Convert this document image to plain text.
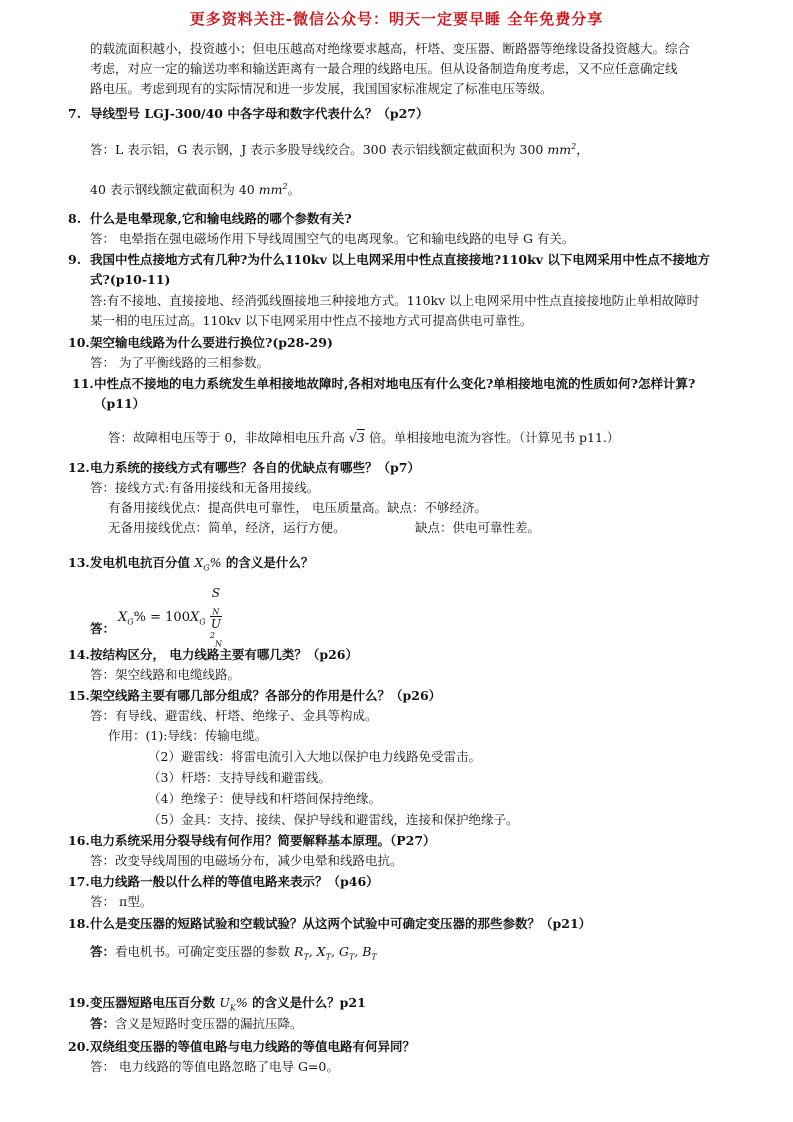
更多资料关注-微信公众号：明天一定要早睡 全年免费分享
的载流面积越小，投资越小；但电压越高对绝缘要求越高，杆塔、变压器、断路器等绝缘设备投资越大。综合
考虑，对应一定的输送功率和输送距离有一最合理的线路电压。但从设备制造角度考虑，又不应任意确定线
路电压。考虑到现有的实际情况和进一步发展，我国国家标准规定了标准电压等级。
7. 导线型号 LGJ-300/40 中各字母和数字代表什么？（p27）
答：L 表示铝，G 表示钢，J 表示多股导线绞合。300 表示铝线额定截面积为 300 $mm^2$，
40 表示钢线额定截面积为 40 $mm^2$。
8. 什么是电晕现象,它和输电线路的哪个参数有关?
答： 电晕指在强电磁场作用下导线周围空气的电离现象。它和输电线路的电导 G 有关。
9. 我国中性点接地方式有几种?为什么110kv 以上电网采用中性点直接接地?110kv 以下电网采用中性点不接地方
式?(p10-11)
答:有不接地、直接接地、经消弧线圈接地三种接地方式。110kv 以上电网采用中性点直接接地防止单相故障时
某一相的电压过高。110kv 以下电网采用中性点不接地方式可提高供电可靠性。
10.架空输电线路为什么要进行换位?(p28-29)
答： 为了平衡线路的三相参数。
11.中性点不接地的电力系统发生单相接地故障时,各相对地电压有什么变化?单相接地电流的性质如何?怎样计算?
（p11）
答：故障相电压等于 0，非故障相电压升高 √3 倍。单相接地电流为容性。（计算见书 p11.）
12.电力系统的接线方式有哪些？各自的优缺点有哪些？（p7）
答：接线方式:有备用接线和无备用接线。
有备用接线优点：提高供电可靠性， 电压质量高。缺点：不够经济。
无备用接线优点：简单，经济，运行方便。	缺点：供电可靠性差。
13.发电机电抗百分值 $X_G\%$ 的含义是什么？
$X_G\% = 100X_G$ S
$_N$
U
$^2_N$
答：
14.按结构区分， 电力线路主要有哪几类？（p26）
答：架空线路和电缆线路。
15.架空线路主要有哪几部分组成？各部分的作用是什么？（p26）
答：有导线、避雷线、杆塔、绝缘子、金具等构成。
作用：(1):导线：传输电缆。
（2）避雷线：将雷电流引入大地以保护电力线路免受雷击。
（3）杆塔：支持导线和避雷线。
（4）绝缘子：使导线和杆塔间保持绝缘。
（5）金具：支持、接续、保护导线和避雷线，连接和保护绝缘子。
16.电力系统采用分裂导线有何作用？简要解释基本原理。（P27）
答：改变导线周围的电磁场分布，减少电晕和线路电抗。
17.电力线路一般以什么样的等值电路来表示？（p46）
答： π型。
18.什么是变压器的短路试验和空载试验？从这两个试验中可确定变压器的那些参数？（p21）
答：看电机书。可确定变压器的参数 $R_T$, $X_T$, $G_T$, $B_T$
19.变压器短路电压百分数 $U_K\%$ 的含义是什么？p21
答：含义是短路时变压器的漏抗压降。
20.双绕组变压器的等值电路与电力线路的等值电路有何异同？
答： 电力线路的等值电路忽略了电导 G=0。
